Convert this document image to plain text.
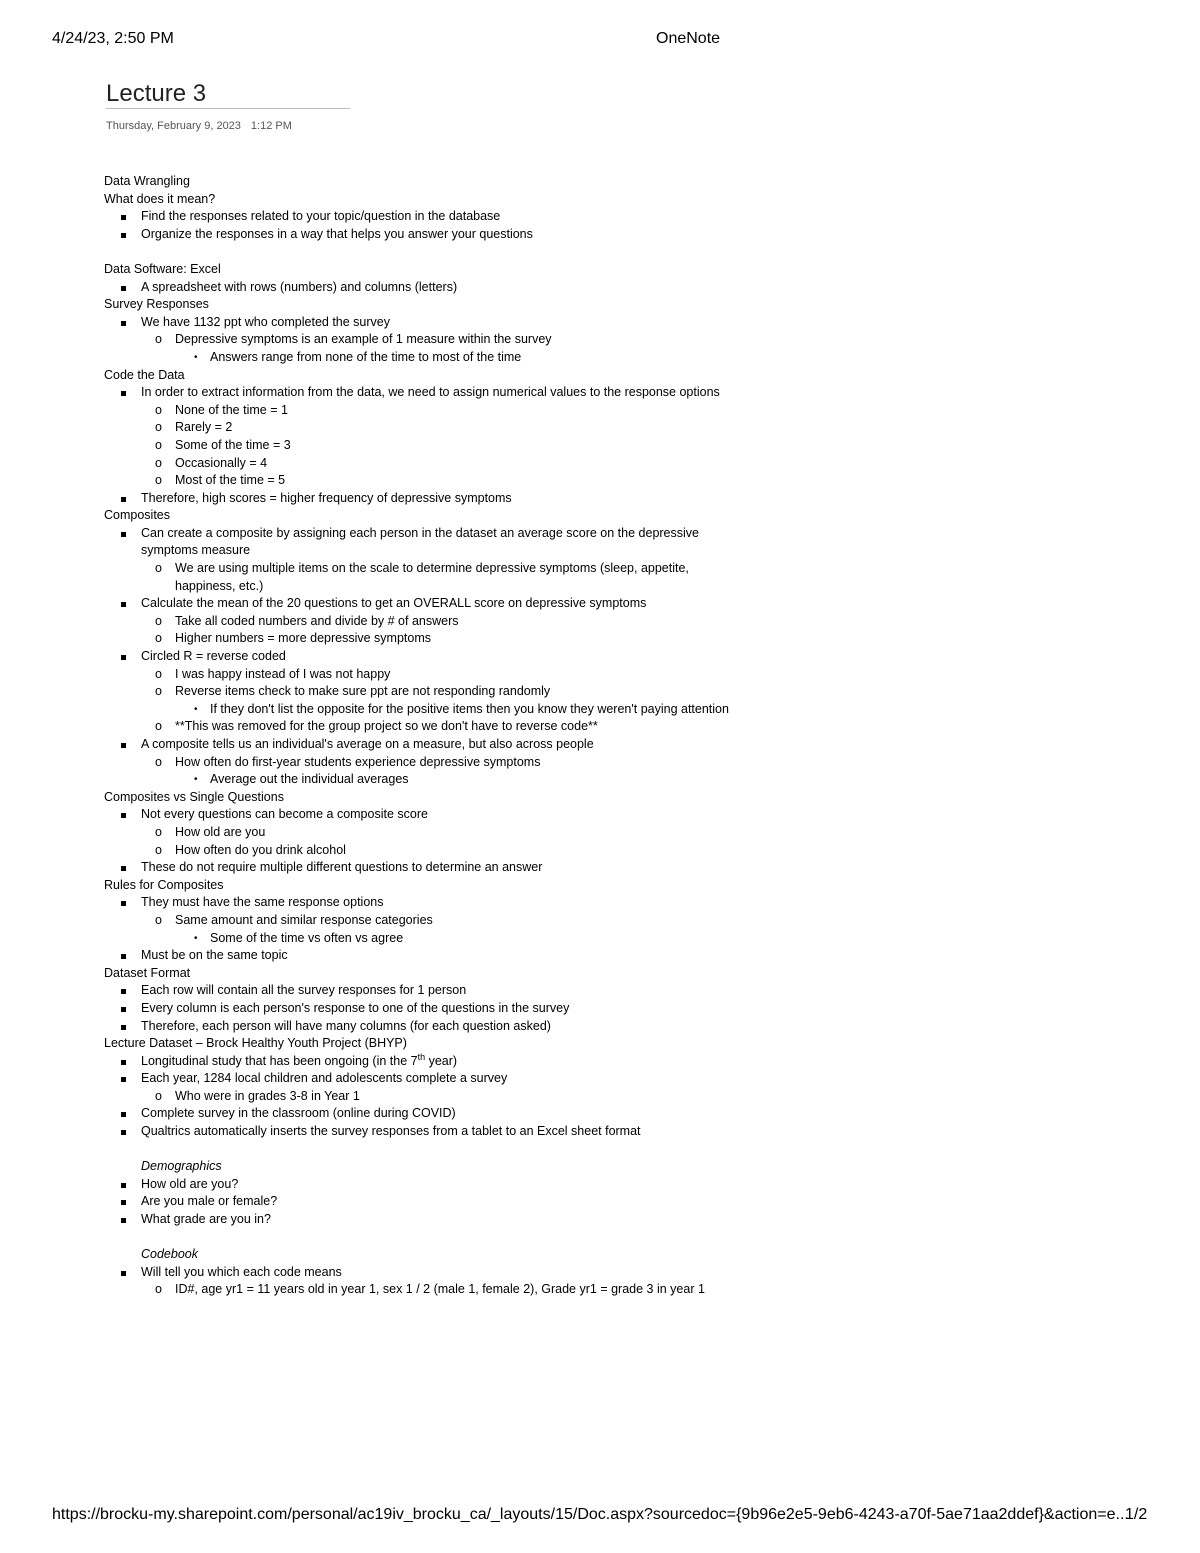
4/24/23, 2:50 PM	OneNote
Lecture 3
Thursday, February 9, 2023 1:12 PM
Data Wrangling
What does it mean?
Find the responses related to your topic/question in the database
Organize the responses in a way that helps you answer your questions
Data Software: Excel
A spreadsheet with rows (numbers) and columns (letters)
Survey Responses
We have 1132 ppt who completed the survey
o Depressive symptoms is an example of 1 measure within the survey
• Answers range from none of the time to most of the time
Code the Data
In order to extract information from the data, we need to assign numerical values to the response options
o None of the time = 1
o Rarely = 2
o Some of the time = 3
o Occasionally = 4
o Most of the time = 5
Therefore, high scores = higher frequency of depressive symptoms
Composites
Can create a composite by assigning each person in the dataset an average score on the depressive symptoms measure
o We are using multiple items on the scale to determine depressive symptoms (sleep, appetite, happiness, etc.)
Calculate the mean of the 20 questions to get an OVERALL score on depressive symptoms
o Take all coded numbers and divide by # of answers
o Higher numbers = more depressive symptoms
Circled R = reverse coded
o I was happy instead of I was not happy
o Reverse items check to make sure ppt are not responding randomly
• If they don't list the opposite for the positive items then you know they weren't paying attention
o **This was removed for the group project so we don't have to reverse code**
A composite tells us an individual's average on a measure, but also across people
o How often do first-year students experience depressive symptoms
• Average out the individual averages
Composites vs Single Questions
Not every questions can become a composite score
o How old are you
o How often do you drink alcohol
These do not require multiple different questions to determine an answer
Rules for Composites
They must have the same response options
o Same amount and similar response categories
• Some of the time vs often vs agree
Must be on the same topic
Dataset Format
Each row will contain all the survey responses for 1 person
Every column is each person's response to one of the questions in the survey
Therefore, each person will have many columns (for each question asked)
Lecture Dataset – Brock Healthy Youth Project (BHYP)
Longitudinal study that has been ongoing (in the 7th year)
Each year, 1284 local children and adolescents complete a survey
o Who were in grades 3-8 in Year 1
Complete survey in the classroom (online during COVID)
Qualtrics automatically inserts the survey responses from a tablet to an Excel sheet format
Demographics
How old are you?
Are you male or female?
What grade are you in?
Codebook
Will tell you which each code means
o ID#, age yr1 = 11 years old in year 1, sex 1 / 2 (male 1, female 2), Grade yr1 = grade 3 in year 1
https://brocku-my.sharepoint.com/personal/ac19iv_brocku_ca/_layouts/15/Doc.aspx?sourcedoc={9b96e2e5-9eb6-4243-a70f-5ae71aa2ddef}&action=e...
1/2
